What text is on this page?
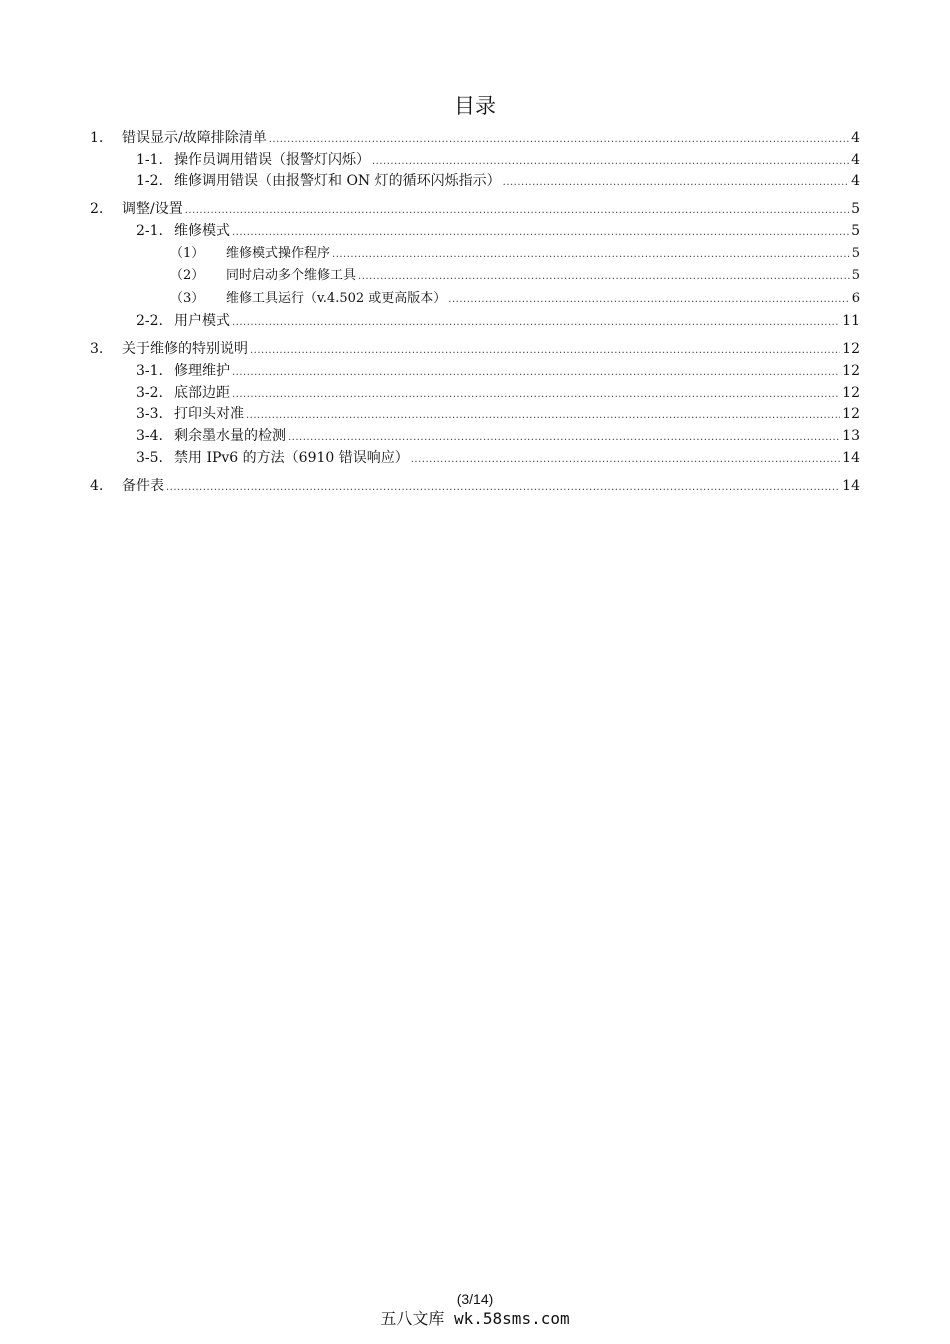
目录
1.	错误显示/故障排除清单 .....	4
1-1. 操作员调用错误（报警灯闪烁） .....	4
1-2. 维修调用错误（由报警灯和 ON 灯的循环闪烁指示） .....	4
2.	调整/设置 .....	5
2-1. 维修模式 .....	5
（1）	维修模式操作程序 .....	5
（2）	同时启动多个维修工具 .....	5
（3）	维修工具运行（v.4.502 或更高版本） .....	6
2-2. 用户模式 .....	11
3.	关于维修的特别说明 .....	12
3-1. 修理维护 .....	12
3-2. 底部边距 .....	12
3-3. 打印头对准 .....	12
3-4. 剩余墨水量的检测 .....	13
3-5. 禁用 IPv6 的方法（6910 错误响应） .....	14
4.	备件表 .....	14
(3/14)
五八文库 wk.58sms.com
